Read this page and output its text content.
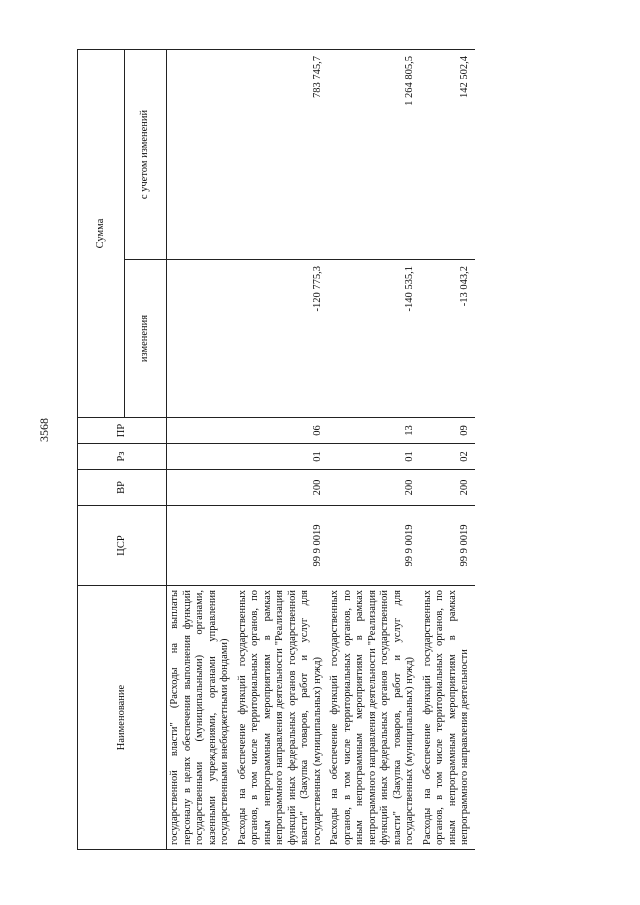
3568
Наименование	ЦСР	ВР	Рз	ПР	Сумма	
					изменения	с учетом изменений
государственной власти" (Расходы на выплаты персоналу в целях обеспечения выполнения функций государственными (муниципальными) органами, казенными учреждениями, органами управления государственными внебюджетными фондами)						
Расходы на обеспечение функций государственных органов, в том числе территориальных органов, по иным непрограммным мероприятиям в рамках непрограммного направления деятельности "Реализация функций иных федеральных органов государственной власти" (Закупка товаров, работ и услуг для государственных (муниципальных) нужд)	99 9 0019	200	01	06	-120 775,3	783 745,7
Расходы на обеспечение функций государственных органов, в том числе территориальных органов, по иным непрограммным мероприятиям в рамках непрограммного направления деятельности "Реализация функций иных федеральных органов государственной власти" (Закупка товаров, работ и услуг для государственных (муниципальных) нужд)	99 9 0019	200	01	13	-140 535,1	1 264 805,5
Расходы на обеспечение функций государственных органов, в том числе территориальных органов, по иным непрограммным мероприятиям в рамках непрограммного направления деятельности	99 9 0019	200	02	09	-13 043,2	142 502,4
